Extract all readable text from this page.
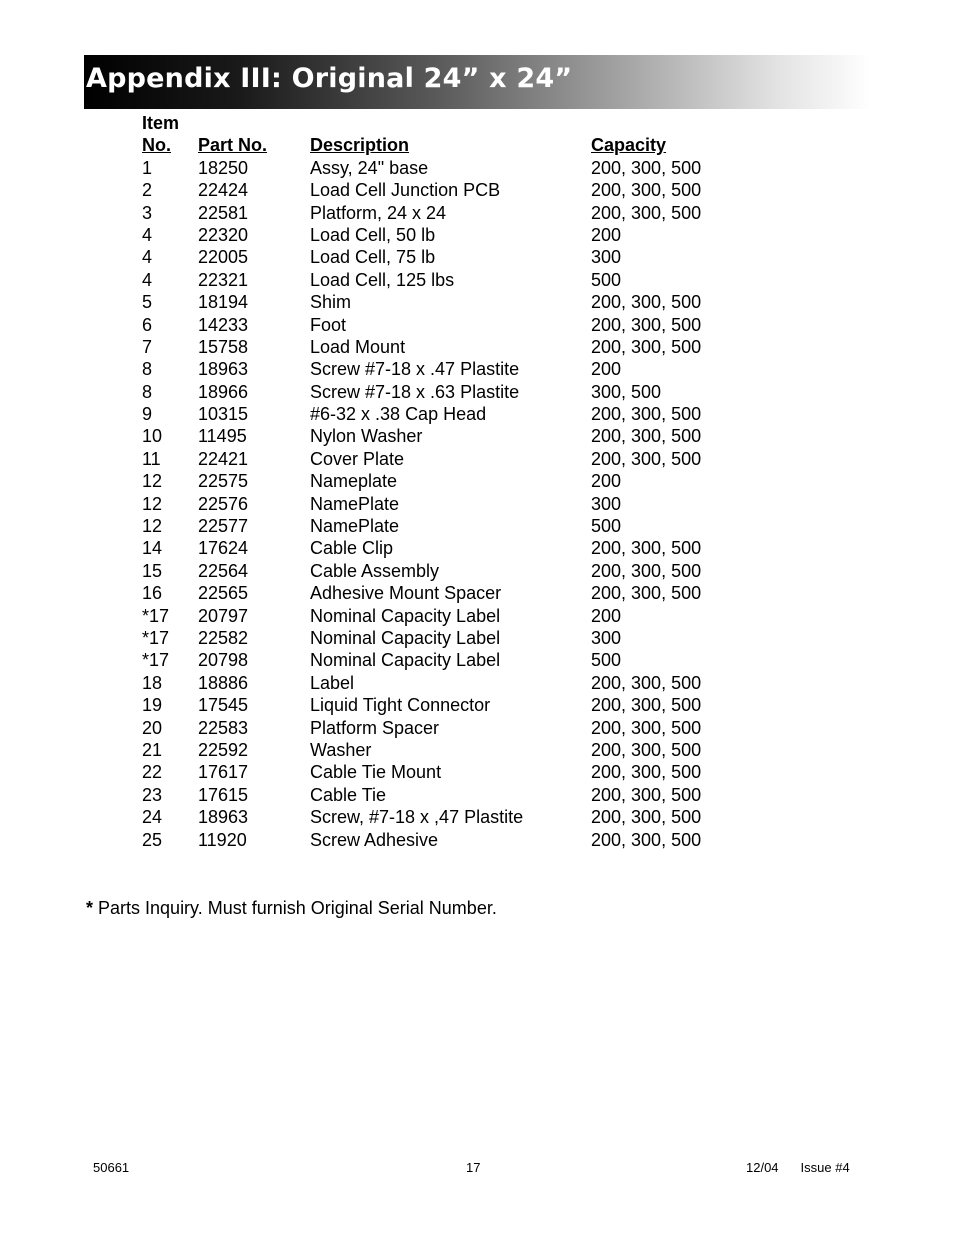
Appendix III: Original 24” x 24”
Item
No.	Part No.	Description	Capacity
1	18250	Assy, 24" base	200, 300, 500
2	22424	Load Cell Junction PCB	200, 300, 500
3	22581	Platform, 24 x 24	200, 300, 500
4	22320	Load Cell, 50 lb	200
4	22005	Load Cell, 75 lb	300
4	22321	Load Cell, 125 lbs	500
5	18194	Shim	200, 300, 500
6	14233	Foot	200, 300, 500
7	15758	Load Mount	200, 300, 500
8	18963	Screw #7-18 x .47 Plastite	200
8	18966	Screw #7-18 x .63 Plastite	300, 500
9	10315	#6-32 x .38 Cap Head	200, 300, 500
10	11495	Nylon Washer	200, 300, 500
11	22421	Cover Plate	200, 300, 500
12	22575	Nameplate	200
12	22576	NamePlate	300
12	22577	NamePlate	500
14	17624	Cable Clip	200, 300, 500
15	22564	Cable Assembly	200, 300, 500
16	22565	Adhesive Mount Spacer	200, 300, 500
*17	20797	Nominal Capacity Label	200
*17	22582	Nominal Capacity Label	300
*17	20798	Nominal Capacity Label	500
18	18886	Label	200, 300, 500
19	17545	Liquid Tight Connector	200, 300, 500
20	22583	Platform Spacer	200, 300, 500
21	22592	Washer	200, 300, 500
22	17617	Cable Tie Mount	200, 300, 500
23	17615	Cable Tie	200, 300, 500
24	18963	Screw, #7-18 x ,47 Plastite	200, 300, 500
25	11920	Screw Adhesive	200, 300, 500
* Parts Inquiry. Must furnish Original Serial Number.
50661	17	12/04 Issue #4
